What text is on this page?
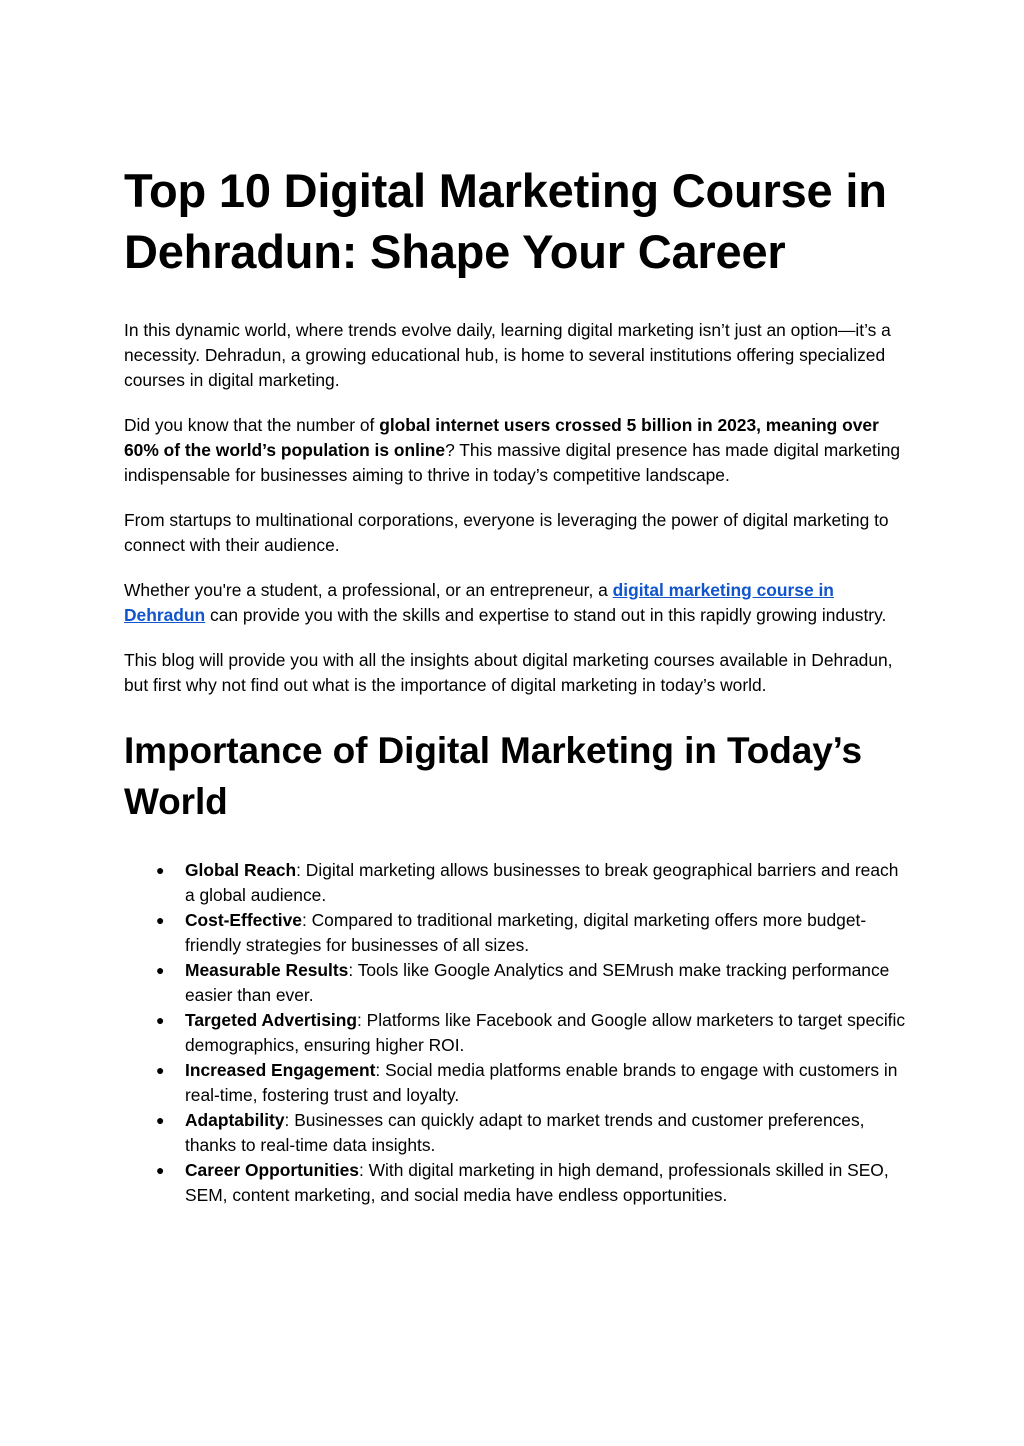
Top 10 Digital Marketing Course in Dehradun: Shape Your Career

In this dynamic world, where trends evolve daily, learning digital marketing isn’t just an option—it’s a necessity. Dehradun, a growing educational hub, is home to several institutions offering specialized courses in digital marketing.

Did you know that the number of global internet users crossed 5 billion in 2023, meaning over 60% of the world’s population is online? This massive digital presence has made digital marketing indispensable for businesses aiming to thrive in today’s competitive landscape.

From startups to multinational corporations, everyone is leveraging the power of digital marketing to connect with their audience.

Whether you're a student, a professional, or an entrepreneur, a digital marketing course in Dehradun can provide you with the skills and expertise to stand out in this rapidly growing industry.

This blog will provide you with all the insights about digital marketing courses available in Dehradun, but first why not find out what is the importance of digital marketing in today’s world.

Importance of Digital Marketing in Today’s World
● Global Reach: Digital marketing allows businesses to break geographical barriers and reach a global audience.
● Cost-Effective: Compared to traditional marketing, digital marketing offers more budget-friendly strategies for businesses of all sizes.
● Measurable Results: Tools like Google Analytics and SEMrush make tracking performance easier than ever.
● Targeted Advertising: Platforms like Facebook and Google allow marketers to target specific demographics, ensuring higher ROI.
● Increased Engagement: Social media platforms enable brands to engage with customers in real-time, fostering trust and loyalty.
● Adaptability: Businesses can quickly adapt to market trends and customer preferences, thanks to real-time data insights.
● Career Opportunities: With digital marketing in high demand, professionals skilled in SEO, SEM, content marketing, and social media have endless opportunities.
